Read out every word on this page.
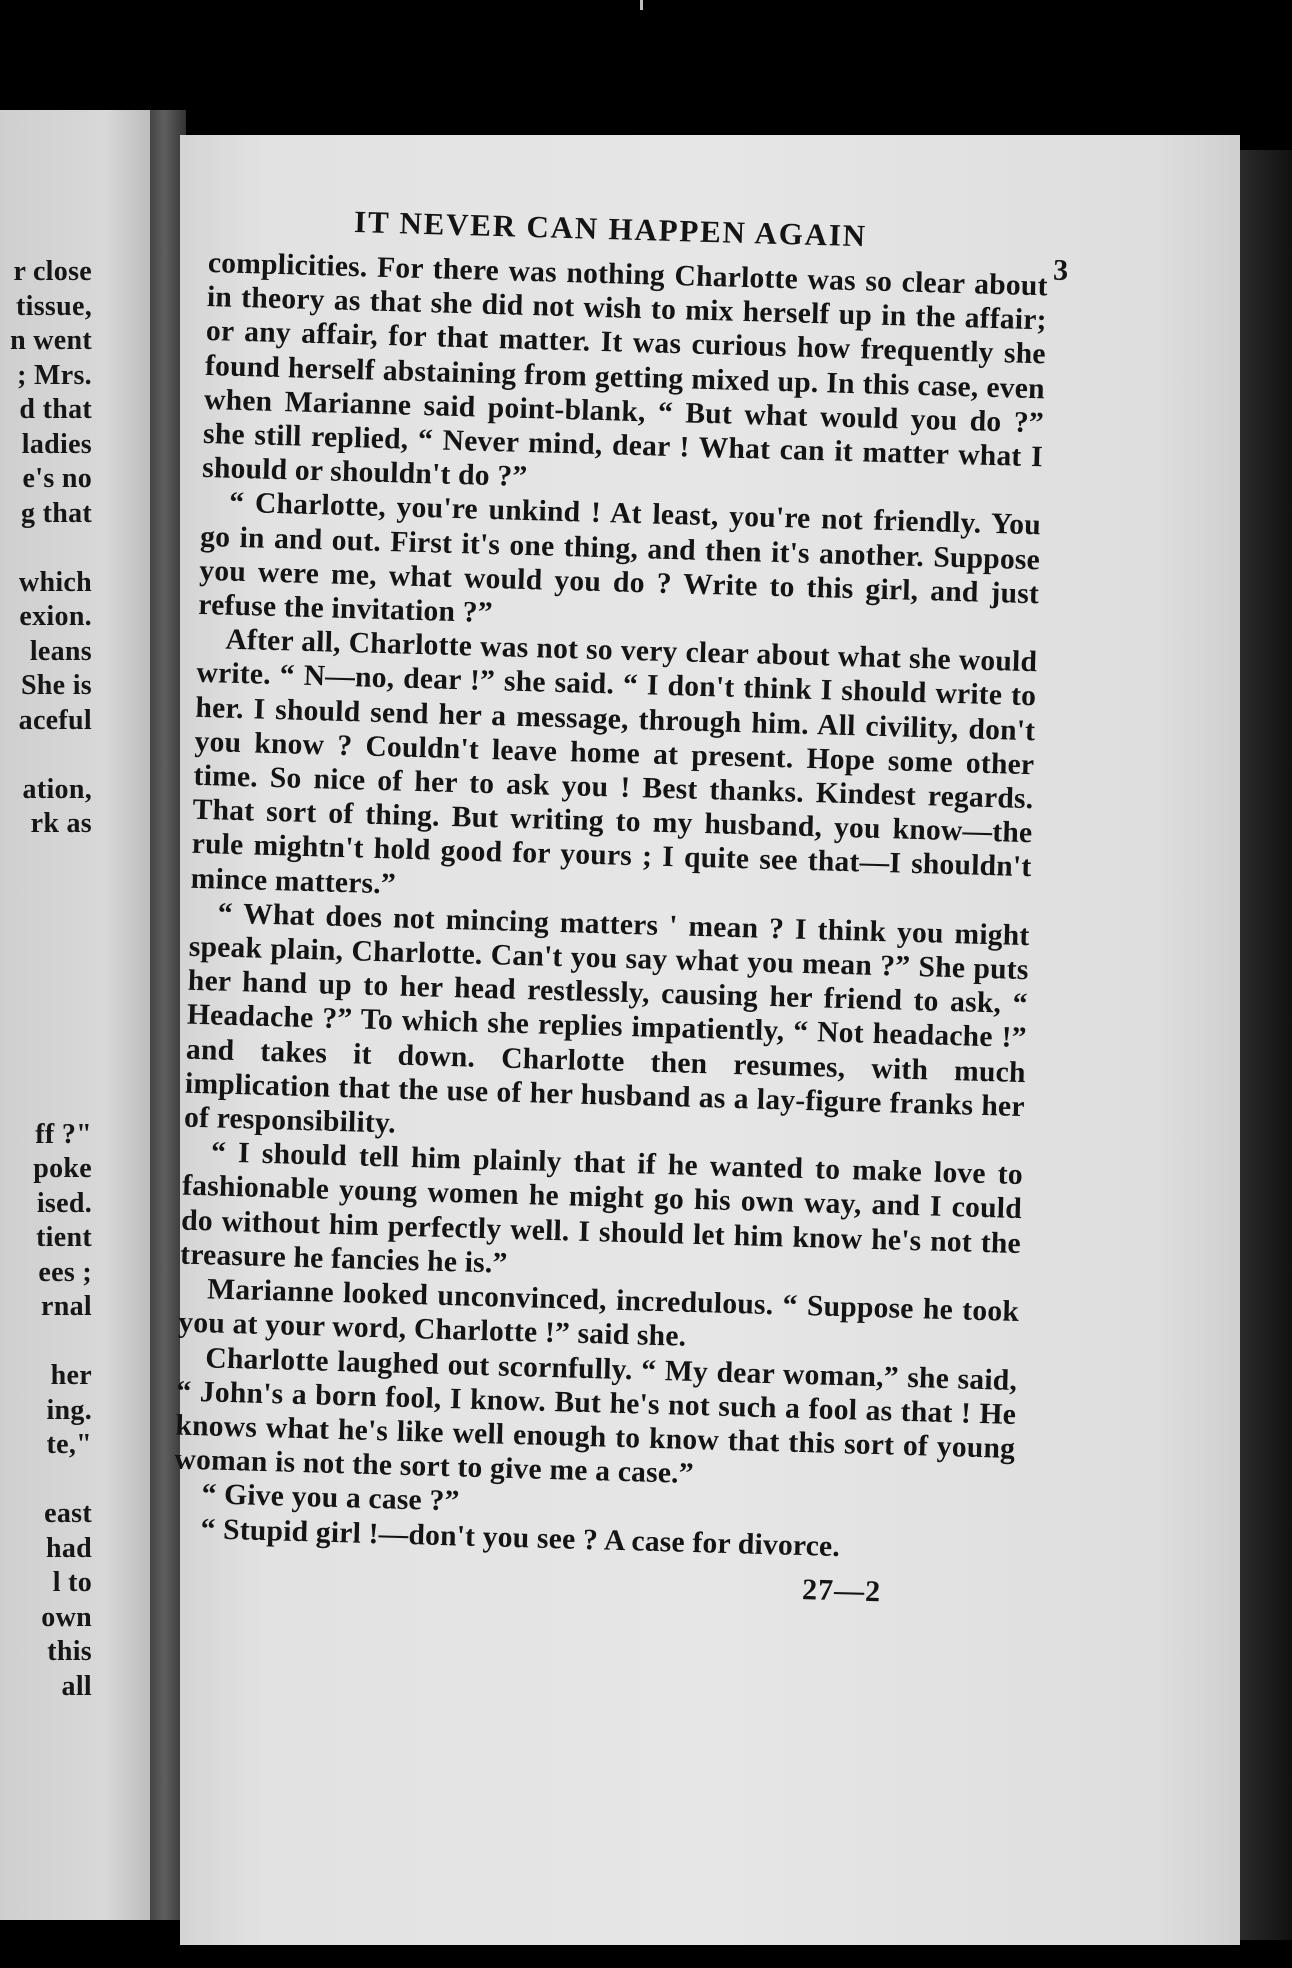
r close
tissue,
n went
; Mrs.
d that
ladies
e's no
g that
which
exion.
leans
She is
aceful
ation,
rk as
ff ?"
poke
ised.
tient
ees ;
rnal
her
ing.
te,"
east
had
l to
own
this
all
IT NEVER CAN HAPPEN AGAIN
3

complicities. For there was nothing Charlotte was so clear about in theory as that she did not wish to mix herself up in the affair; or any affair, for that matter. It was curious how frequently she found herself abstaining from getting mixed up. In this case, even when Marianne said point-blank, “ But what would you do ?” she still replied, “ Never mind, dear ! What can it matter what I should or shouldn't do ?”

“ Charlotte, you're unkind ! At least, you're not friendly. You go in and out. First it's one thing, and then it's another. Suppose you were me, what would you do ? Write to this girl, and just refuse the invitation ?”

After all, Charlotte was not so very clear about what she would write. “ N—no, dear !” she said. “ I don't think I should write to her. I should send her a message, through him. All civility, don't you know ? Couldn't leave home at present. Hope some other time. So nice of her to ask you ! Best thanks. Kindest regards. That sort of thing. But writing to my husband, you know—the rule mightn't hold good for yours ; I quite see that—I shouldn't mince matters.”

“ What does not mincing matters ' mean ? I think you might speak plain, Charlotte. Can't you say what you mean ?” She puts her hand up to her head restlessly, causing her friend to ask, “ Headache ?” To which she replies impatiently, “ Not headache !” and takes it down. Charlotte then resumes, with much implication that the use of her husband as a lay-figure franks her of responsibility.

“ I should tell him plainly that if he wanted to make love to fashionable young women he might go his own way, and I could do without him perfectly well. I should let him know he's not the treasure he fancies he is.”

Marianne looked unconvinced, incredulous. “ Suppose he took you at your word, Charlotte !” said she.

Charlotte laughed out scornfully. “ My dear woman,” she said, “ John's a born fool, I know. But he's not such a fool as that ! He knows what he's like well enough to know that this sort of young woman is not the sort to give me a case.”

“ Give you a case ?”

“ Stupid girl !—don't you see ? A case for divorce.

27—2
